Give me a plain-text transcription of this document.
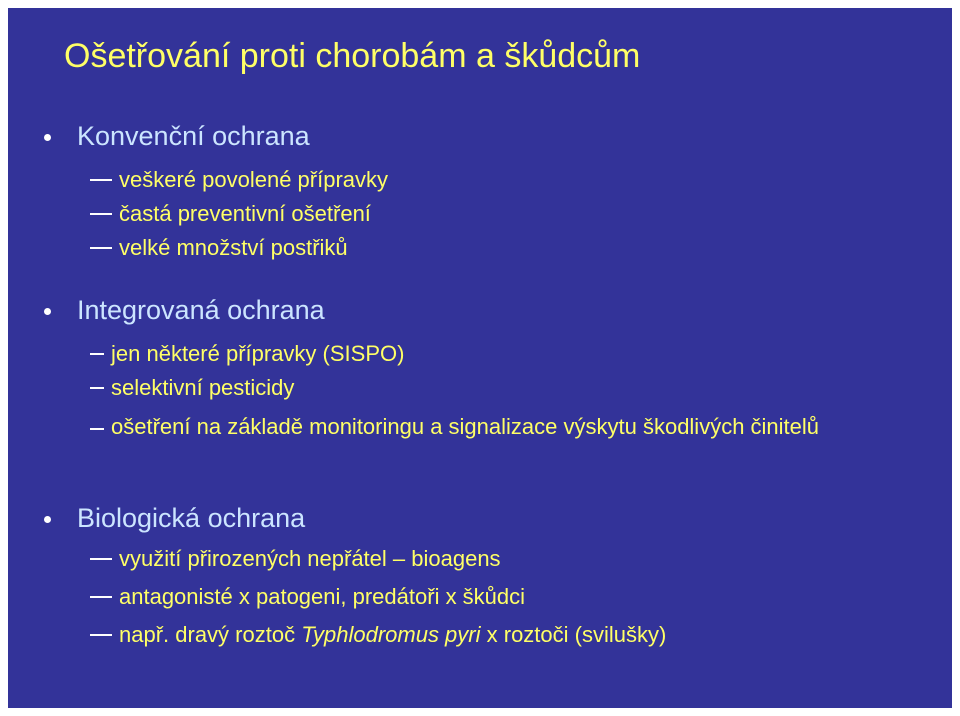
Ošetřování proti chorobám a škůdcům
Konvenční ochrana
veškeré povolené přípravky
častá preventivní ošetření
velké množství postřiků
Integrovaná ochrana
jen některé přípravky (SISPO)
selektivní pesticidy
ošetření na základě monitoringu a signalizace výskytu škodlivých činitelů
Biologická ochrana
využití přirozených nepřátel – bioagens
antagonisté x patogeni, predátoři x škůdci
např. dravý roztoč Typhlodromus pyri x roztoči (svilušky)
